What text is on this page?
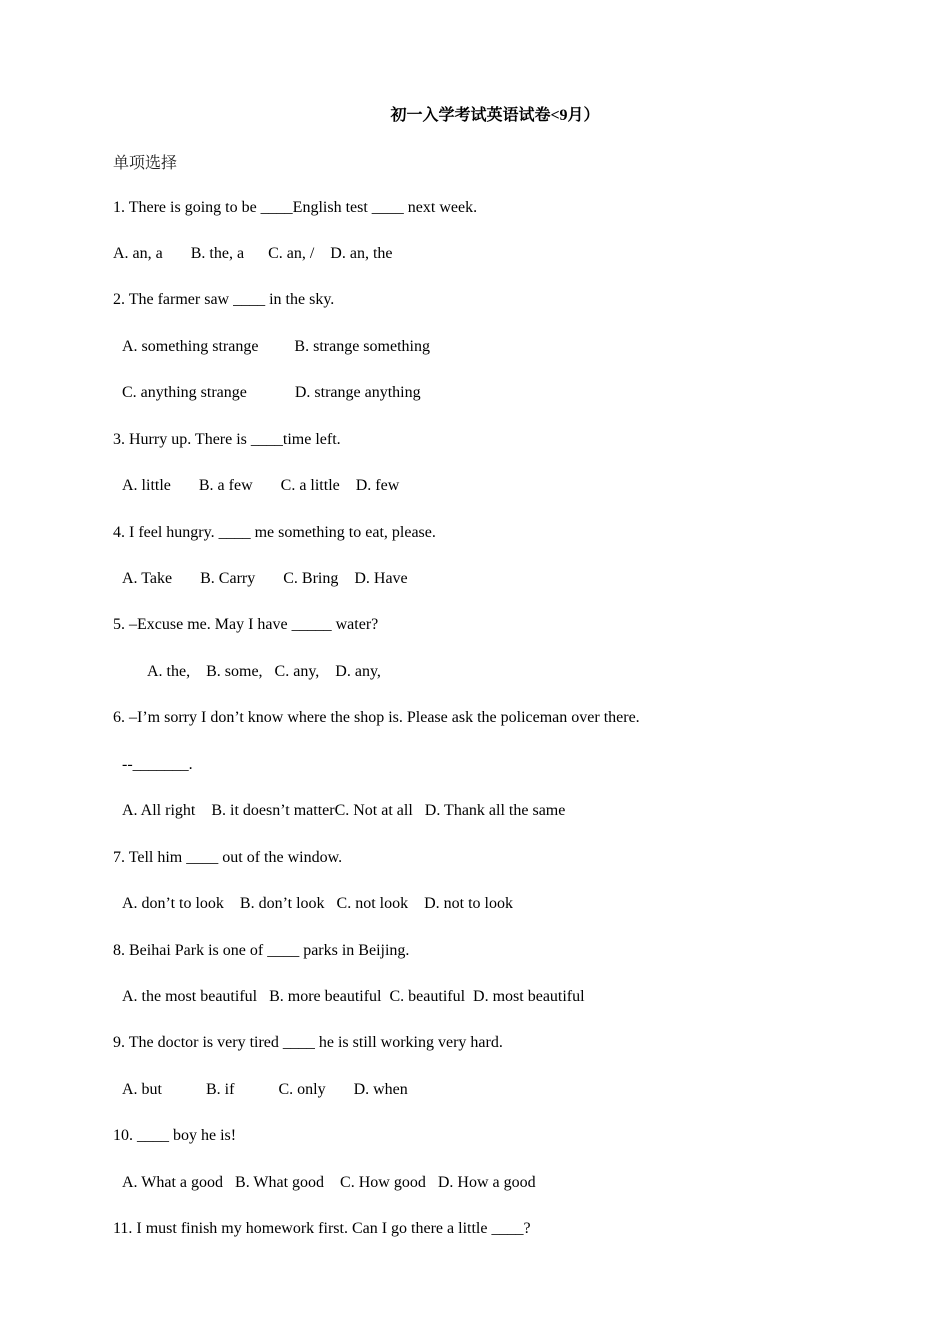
初一入学考试英语试卷<9月）
单项选择
1. There is going to be ____English test ____ next week.
A. an, a       B. the, a      C. an, /    D. an, the
2. The farmer saw ____ in the sky.
A. something strange         B. strange something
C. anything strange            D. strange anything
3. Hurry up. There is ____time left.
A. little       B. a few       C. a little    D. few
4. I feel hungry. ____ me something to eat, please.
A. Take       B. Carry       C. Bring    D. Have
5. –Excuse me. May I have _____ water?
A. the,    B. some,   C. any,    D. any,
6. –I’m sorry I don’t know where the shop is. Please ask the policeman over there.
--_______.
A. All right    B. it doesn’t matterC. Not at all   D. Thank all the same
7. Tell him ____ out of the window.
A. don’t to look    B. don’t look   C. not look    D. not to look
8. Beihai Park is one of ____ parks in Beijing.
A. the most beautiful   B. more beautiful  C. beautiful  D. most beautiful
9. The doctor is very tired ____ he is still working very hard.
A. but           B. if           C. only       D. when
10. ____ boy he is!
A. What a good   B. What good    C. How good   D. How a good
11. I must finish my homework first. Can I go there a little ____?
